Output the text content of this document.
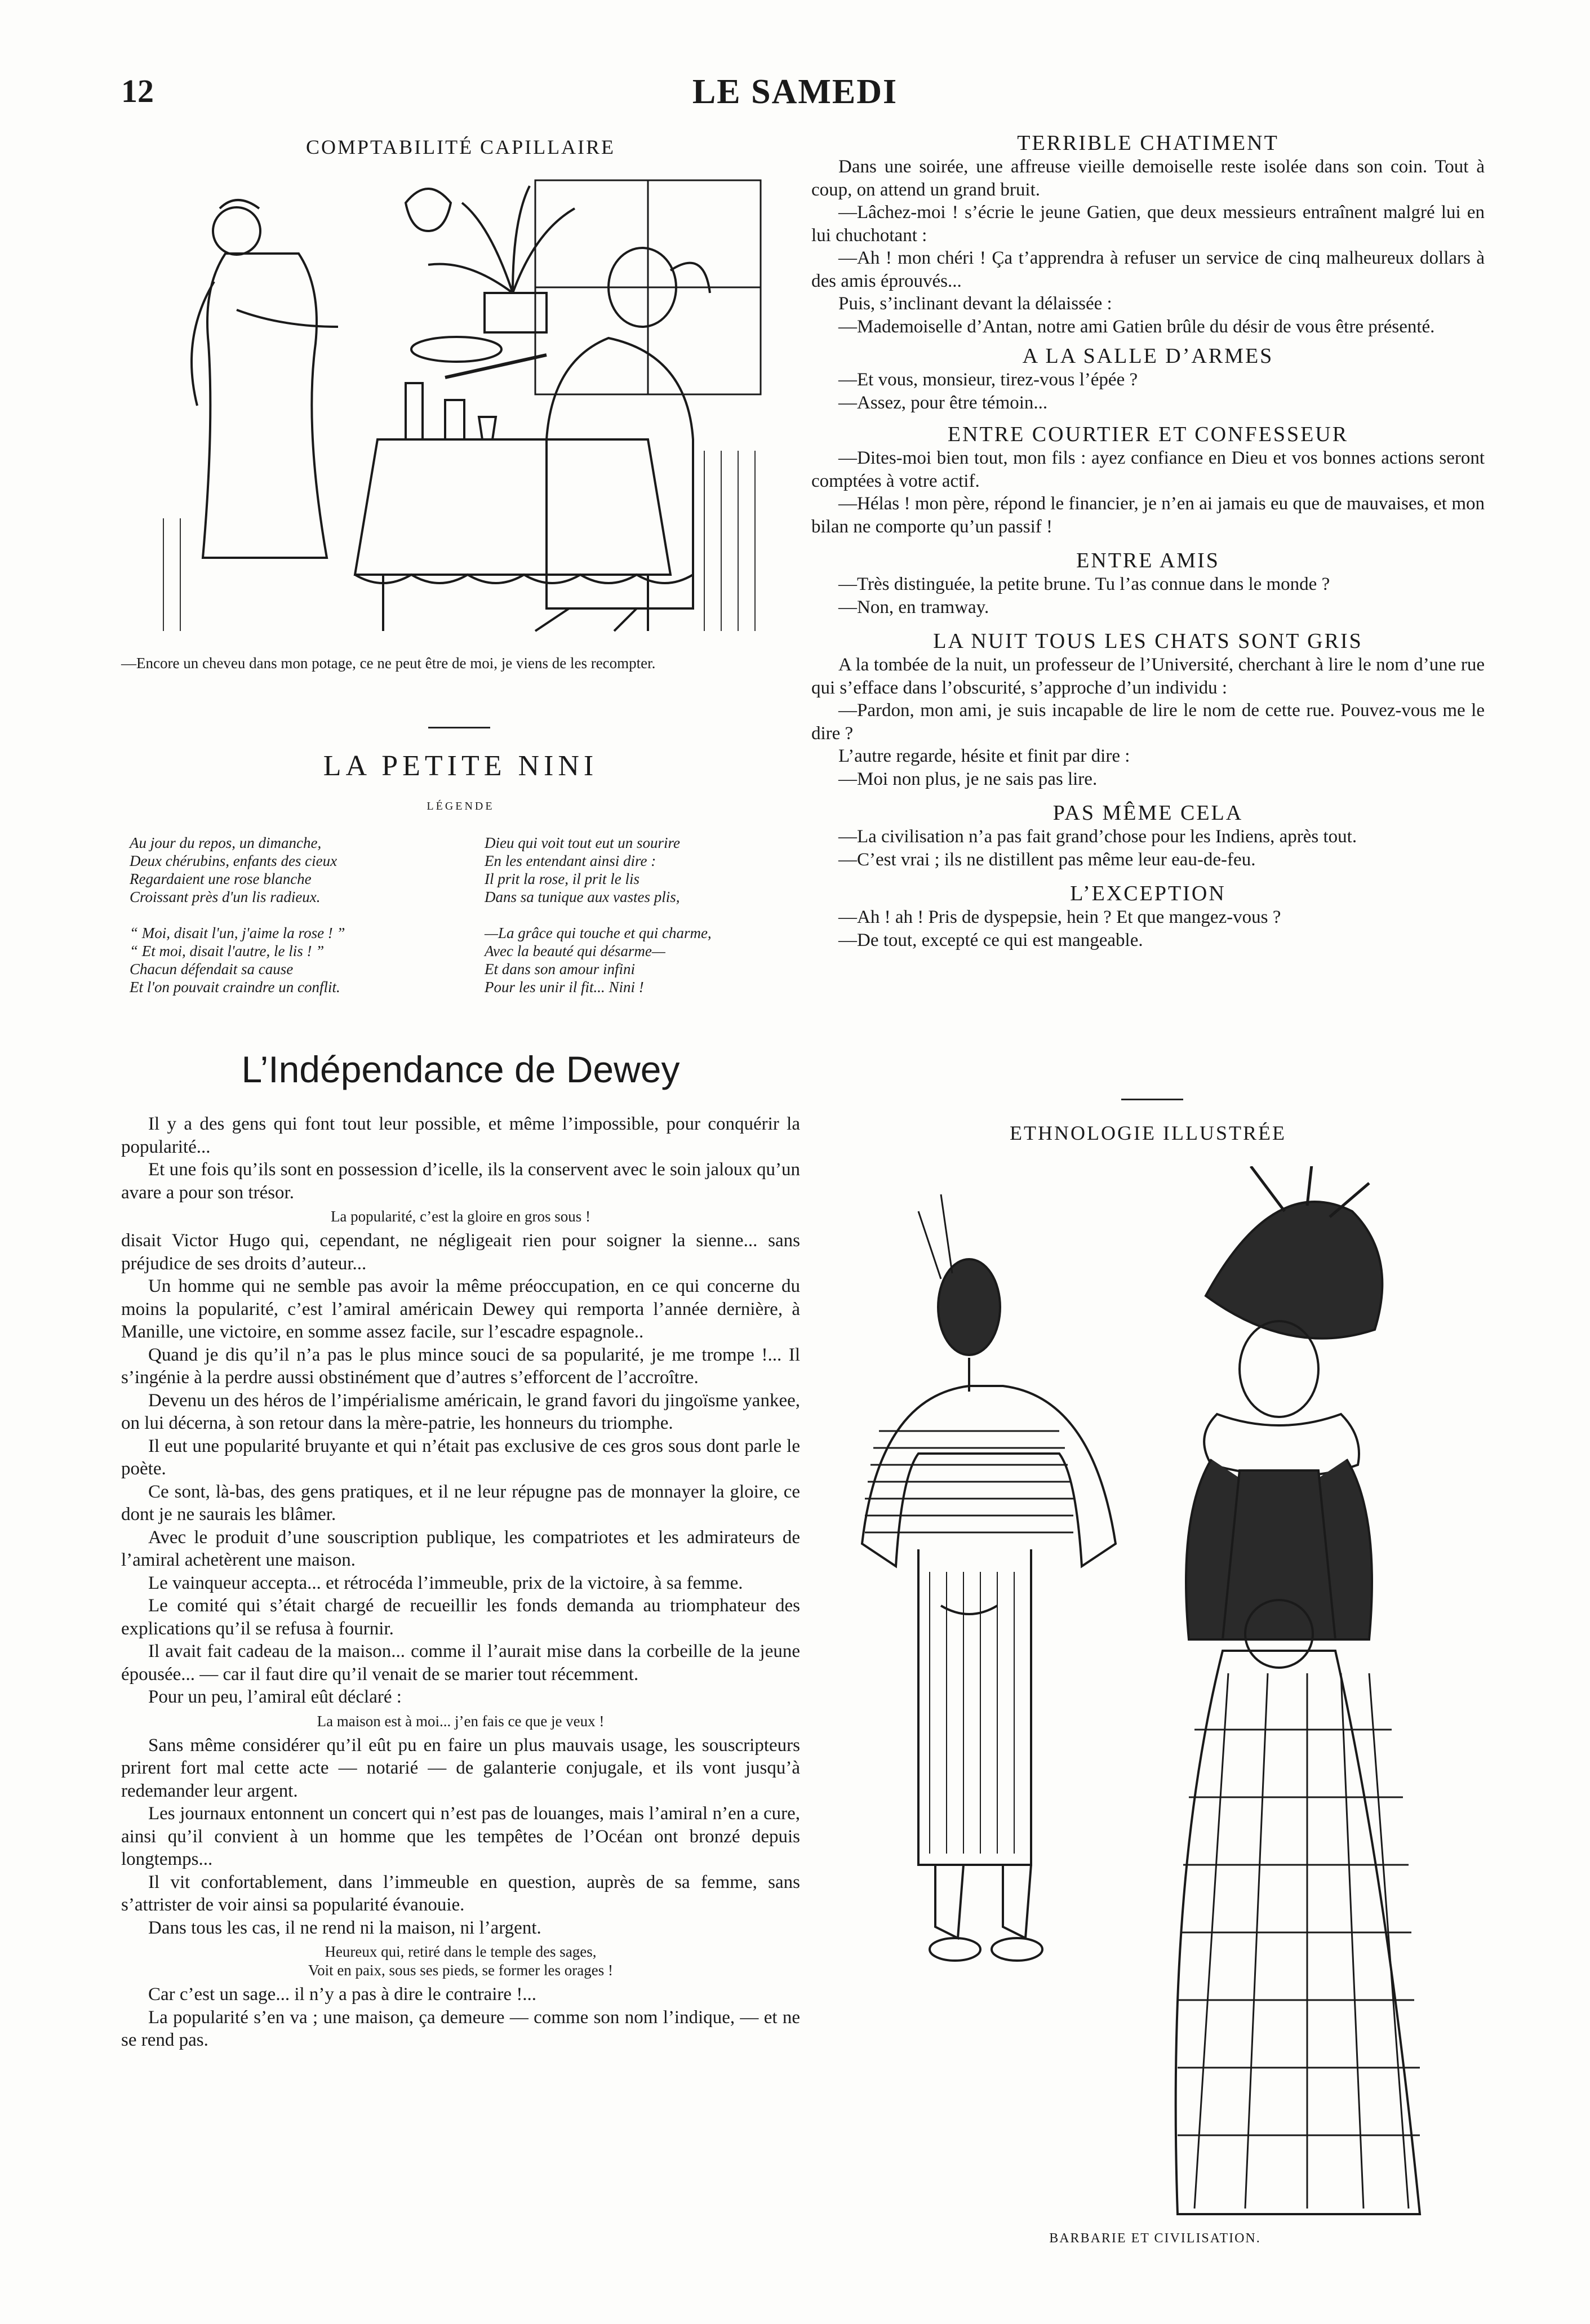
12	LE SAMEDI
COMPTABILITÉ CAPILLAIRE
—Encore un cheveu dans mon potage, ce ne peut être de moi, je viens de les recompter.
LA PETITE NINI
LÉGENDE
Au jour du repos, un dimanche,
Deux chérubins, enfants des cieux
Regardaient une rose blanche
Croissant près d'un lis radieux.
Dieu qui voit tout eut un sourire
En les entendant ainsi dire :
Il prit la rose, il prit le lis
Dans sa tunique aux vastes plis,
“ Moi, disait l'un, j'aime la rose ! ”
“ Et moi, disait l'autre, le lis ! ”
Chacun défendait sa cause
Et l'on pouvait craindre un conflit.
—La grâce qui touche et qui charme,
Avec la beauté qui désarme—
Et dans son amour infini
Pour les unir il fit... Nini !
L’Indépendance de Dewey

Il y a des gens qui font tout leur possible, et même l’impossible, pour conquérir la popularité...

Et une fois qu’ils sont en possession d’icelle, ils la conservent avec le soin jaloux qu’un avare a pour son trésor.

La popularité, c’est la gloire en gros sous !

disait Victor Hugo qui, cependant, ne négligeait rien pour soigner la sienne... sans préjudice de ses droits d’auteur...

Un homme qui ne semble pas avoir la même préoccupation, en ce qui concerne du moins la popularité, c’est l’amiral américain Dewey qui remporta l’année dernière, à Manille, une victoire, en somme assez facile, sur l’escadre espagnole..

Quand je dis qu’il n’a pas le plus mince souci de sa popularité, je me trompe !... Il s’ingénie à la perdre aussi obstinément que d’autres s’efforcent de l’accroître.

Devenu un des héros de l’impérialisme américain, le grand favori du jingoïsme yankee, on lui décerna, à son retour dans la mère-patrie, les honneurs du triomphe.

Il eut une popularité bruyante et qui n’était pas exclusive de ces gros sous dont parle le poète.

Ce sont, là-bas, des gens pratiques, et il ne leur répugne pas de monnayer la gloire, ce dont je ne saurais les blâmer.

Avec le produit d’une souscription publique, les compatriotes et les admirateurs de l’amiral achetèrent une maison.

Le vainqueur accepta... et rétrocéda l’immeuble, prix de la victoire, à sa femme.

Le comité qui s’était chargé de recueillir les fonds demanda au triomphateur des explications qu’il se refusa à fournir.

Il avait fait cadeau de la maison... comme il l’aurait mise dans la corbeille de la jeune épousée... — car il faut dire qu’il venait de se marier tout récemment.

Pour un peu, l’amiral eût déclaré :

La maison est à moi... j’en fais ce que je veux !

Sans même considérer qu’il eût pu en faire un plus mauvais usage, les souscripteurs prirent fort mal cette acte — notarié — de galanterie conjugale, et ils vont jusqu’à redemander leur argent.

Les journaux entonnent un concert qui n’est pas de louanges, mais l’amiral n’en a cure, ainsi qu’il convient à un homme que les tempêtes de l’Océan ont bronzé depuis longtemps...

Il vit confortablement, dans l’immeuble en question, auprès de sa femme, sans s’attrister de voir ainsi sa popularité évanouie.

Dans tous les cas, il ne rend ni la maison, ni l’argent.

Heureux qui, retiré dans le temple des sages,

Voit en paix, sous ses pieds, se former les orages !

Car c’est un sage... il n’y a pas à dire le contraire !...

La popularité s’en va ; une maison, ça demeure — comme son nom l’indique, — et ne se rend pas.

TERRIBLE CHATIMENT

Dans une soirée, une affreuse vieille demoiselle reste isolée dans son coin. Tout à coup, on attend un grand bruit.

—Lâchez-moi ! s’écrie le jeune Gatien, que deux messieurs entraînent malgré lui en lui chuchotant :

—Ah ! mon chéri ! Ça t’apprendra à refuser un service de cinq malheureux dollars à des amis éprouvés...

Puis, s’inclinant devant la délaissée :

—Mademoiselle d’Antan, notre ami Gatien brûle du désir de vous être présenté.

A LA SALLE D’ARMES

—Et vous, monsieur, tirez-vous l’épée ?

—Assez, pour être témoin...

ENTRE COURTIER ET CONFESSEUR

—Dites-moi bien tout, mon fils : ayez confiance en Dieu et vos bonnes actions seront comptées à votre actif.

—Hélas ! mon père, répond le financier, je n’en ai jamais eu que de mauvaises, et mon bilan ne comporte qu’un passif !

ENTRE AMIS

—Très distinguée, la petite brune. Tu l’as connue dans le monde ?

—Non, en tramway.

LA NUIT TOUS LES CHATS SONT GRIS

A la tombée de la nuit, un professeur de l’Université, cherchant à lire le nom d’une rue qui s’efface dans l’obscurité, s’approche d’un individu :

—Pardon, mon ami, je suis incapable de lire le nom de cette rue. Pouvez-vous me le dire ?

L’autre regarde, hésite et finit par dire :

—Moi non plus, je ne sais pas lire.

PAS MÊME CELA

—La civilisation n’a pas fait grand’chose pour les Indiens, après tout.

—C’est vrai ; ils ne distillent pas même leur eau-de-feu.

L’EXCEPTION

—Ah ! ah ! Pris de dyspepsie, hein ? Et que mangez-vous ?

—De tout, excepté ce qui est mangeable.

ETHNOLOGIE ILLUSTRÉE
BARBARIE ET CIVILISATION.
